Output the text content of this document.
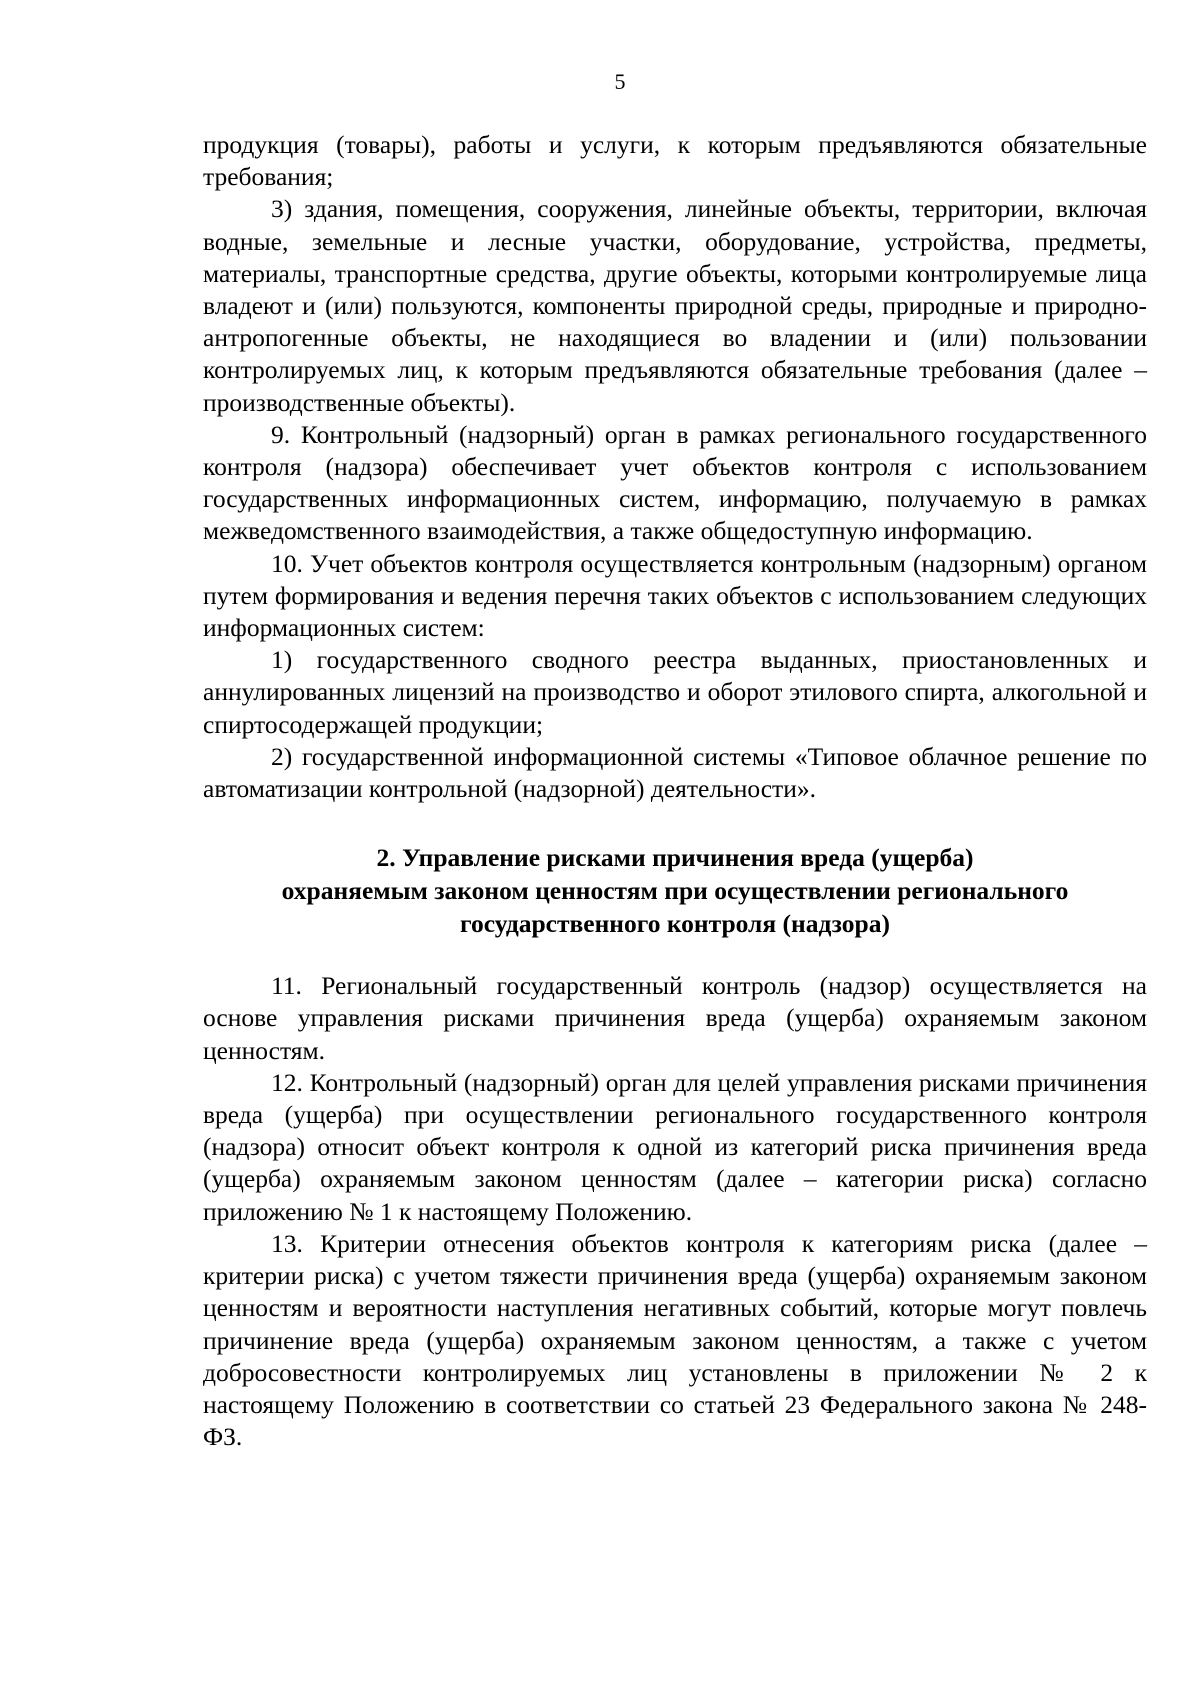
5

продукция (товары), работы и услуги, к которым предъявляются обязательные требования;

3) здания, помещения, сооружения, линейные объекты, территории, включая водные, земельные и лесные участки, оборудование, устройства, предметы, материалы, транспортные средства, другие объекты, которыми контролируемые лица владеют и (или) пользуются, компоненты природной среды, природные и природно-антропогенные объекты, не находящиеся во владении и (или) пользовании контролируемых лиц, к которым предъявляются обязательные требования (далее – производственные объекты).

9. Контрольный (надзорный) орган в рамках регионального государственного контроля (надзора) обеспечивает учет объектов контроля с использованием государственных информационных систем, информацию, получаемую в рамках межведомственного взаимодействия, а также общедоступную информацию.

10. Учет объектов контроля осуществляется контрольным (надзорным) органом путем формирования и ведения перечня таких объектов с использованием следующих информационных систем:

1) государственного сводного реестра выданных, приостановленных и аннулированных лицензий на производство и оборот этилового спирта, алкогольной и спиртосодержащей продукции;

2) государственной информационной системы «Типовое облачное решение по автоматизации контрольной (надзорной) деятельности».

2. Управление рисками причинения вреда (ущерба)
охраняемым законом ценностям при осуществлении регионального
государственного контроля (надзора)

11. Региональный государственный контроль (надзор) осуществляется на основе управления рисками причинения вреда (ущерба) охраняемым законом ценностям.

12. Контрольный (надзорный) орган для целей управления рисками причинения вреда (ущерба) при осуществлении регионального государственного контроля (надзора) относит объект контроля к одной из категорий риска причинения вреда (ущерба) охраняемым законом ценностям (далее – категории риска) согласно приложению № 1 к настоящему Положению.

13. Критерии отнесения объектов контроля к категориям риска (далее – критерии риска) с учетом тяжести причинения вреда (ущерба) охраняемым законом ценностям и вероятности наступления негативных событий, которые могут повлечь причинение вреда (ущерба) охраняемым законом ценностям, а также с учетом добросовестности контролируемых лиц установлены в приложении № 2 к настоящему Положению в соответствии со статьей 23 Федерального закона № 248-ФЗ.
